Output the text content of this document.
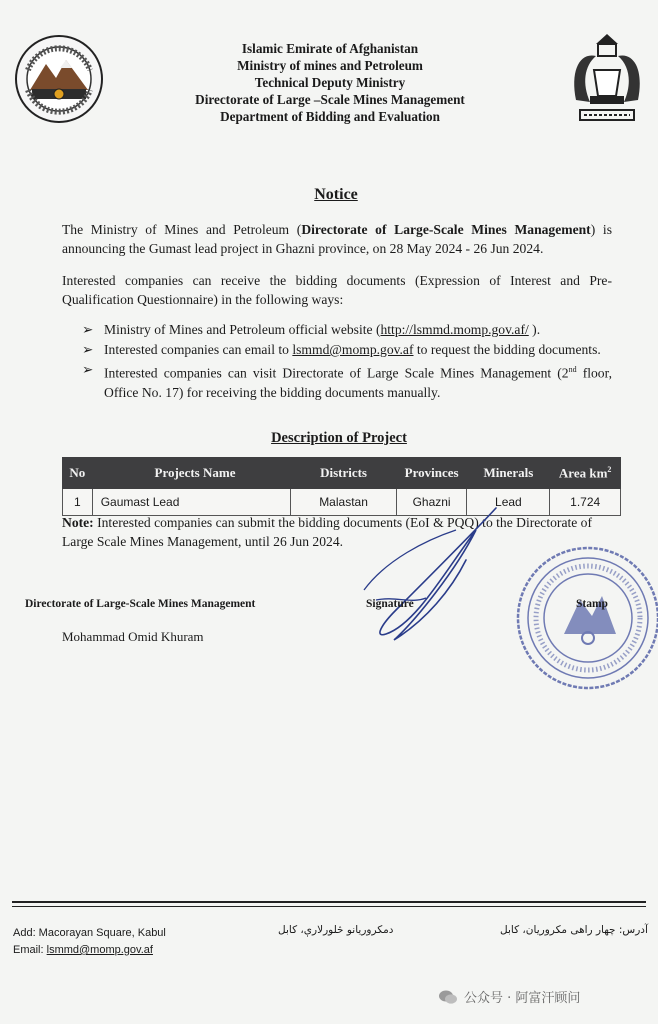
Islamic Emirate of Afghanistan
Ministry of mines and Petroleum
Technical Deputy Ministry
Directorate of Large –Scale Mines Management
Department of Bidding and Evaluation
Notice
The Ministry of Mines and Petroleum (Directorate of Large-Scale Mines Management) is announcing the Gumast lead project in Ghazni province, on 28 May 2024 - 26 Jun 2024.
Interested companies can receive the bidding documents (Expression of Interest and Pre-Qualification Questionnaire) in the following ways:
➢ Ministry of Mines and Petroleum official website (http://lsmmd.momp.gov.af/ ).
➢ Interested companies can email to lsmmd@momp.gov.af to request the bidding documents.
➢ Interested companies can visit Directorate of Large Scale Mines Management (2nd floor, Office No. 17) for receiving the bidding documents manually.
Description of Project
No	Projects Name	Districts	Provinces	Minerals	Area $km^2$
1	Gaumast Lead	Malastan	Ghazni	Lead	1.724
Note: Interested companies can submit the bidding documents (EoI & PQQ) to the Directorate of Large Scale Mines Management, until 26 Jun 2024.
Directorate of Large-Scale Mines Management
Mohammad Omid Khuram
Signature	Stamp
Add: Macorayan Square, Kabul
Email: lsmmd@momp.gov.af
دمکروریانو څلورلارې، کابل	آدرس: چهار راهی مکروریان، کابل
公众号 · 阿富汗顾问
